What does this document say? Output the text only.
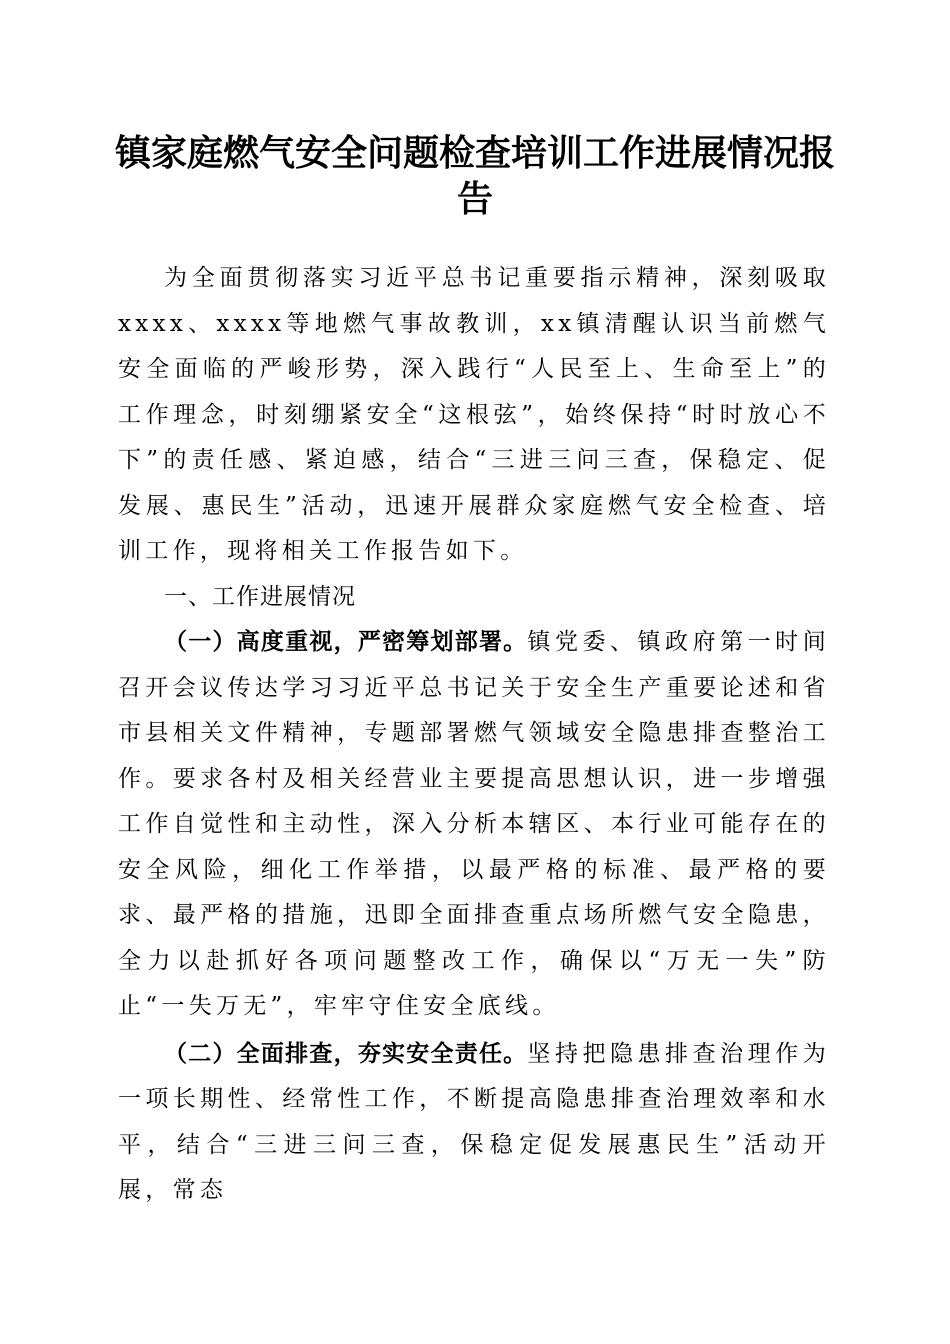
镇家庭燃气安全问题检查培训工作进展情况报告

为全面贯彻落实习近平总书记重要指示精神，深刻吸取xxxx、xxxx等地燃气事故教训，xx镇清醒认识当前燃气安全面临的严峻形势，深入践行“人民至上、生命至上”的工作理念，时刻绷紧安全“这根弦”，始终保持“时时放心不下”的责任感、紧迫感，结合“三进三问三查，保稳定、促发展、惠民生”活动，迅速开展群众家庭燃气安全检查、培训工作，现将相关工作报告如下。

一、工作进展情况

（一）高度重视，严密筹划部署。镇党委、镇政府第一时间召开会议传达学习习近平总书记关于安全生产重要论述和省市县相关文件精神，专题部署燃气领域安全隐患排查整治工作。要求各村及相关经营业主要提高思想认识，进一步增强工作自觉性和主动性，深入分析本辖区、本行业可能存在的安全风险，细化工作举措，以最严格的标准、最严格的要求、最严格的措施，迅即全面排查重点场所燃气安全隐患，全力以赴抓好各项问题整改工作，确保以“万无一失”防止“一失万无”，牢牢守住安全底线。

（二）全面排查，夯实安全责任。坚持把隐患排查治理作为一项长期性、经常性工作，不断提高隐患排查治理效率和水平，结合“三进三问三查，保稳定促发展惠民生”活动开展，常态
